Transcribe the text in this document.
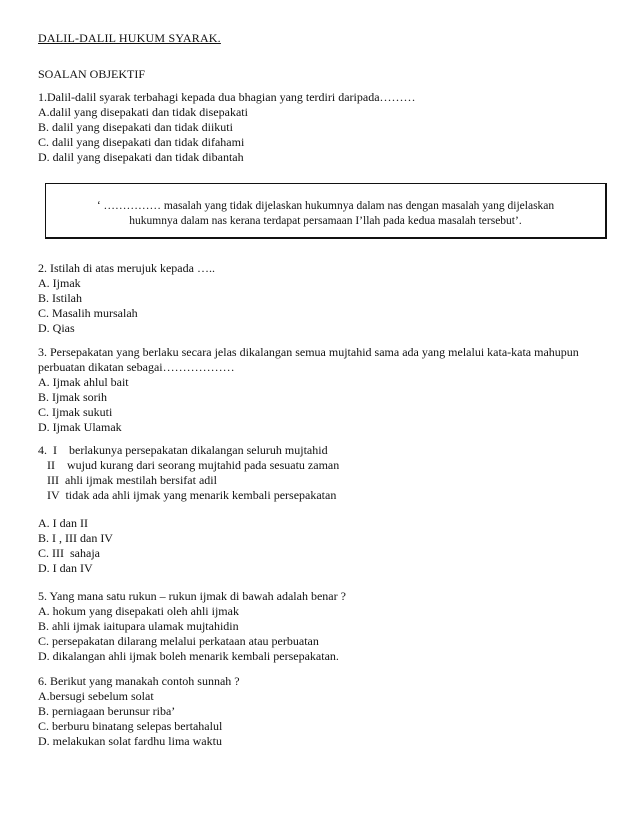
DALIL-DALIL HUKUM SYARAK.
SOALAN OBJEKTIF

1.Dalil-dalil syarak terbahagi kepada dua bhagian yang terdiri daripada………

A.dalil yang disepakati dan tidak disepakati

B. dalil yang disepakati dan tidak diikuti

C. dalil yang disepakati dan tidak difahami

D. dalil yang disepakati dan tidak dibantah

‘ …………… masalah yang tidak dijelaskan hukumnya dalam nas dengan masalah yang dijelaskan

hukumnya dalam nas kerana terdapat persamaan I’llah pada kedua masalah tersebut’.

2. Istilah di atas merujuk kepada …..

A. Ijmak

B. Istilah

C. Masalih mursalah

D. Qias

3. Persepakatan yang berlaku secara jelas dikalangan semua mujtahid sama ada yang melalui kata-kata mahupun perbuatan dikatan sebagai………………

A. Ijmak ahlul bait

B. Ijmak sorih

C. Ijmak sukuti

D. Ijmak Ulamak

4.  I    berlakunya persepakatan dikalangan seluruh mujtahid

II    wujud kurang dari seorang mujtahid pada sesuatu zaman

III  ahli ijmak mestilah bersifat adil

IV  tidak ada ahli ijmak yang menarik kembali persepakatan

A. I dan II

B. I , III dan IV

C. III  sahaja

D. I dan IV

5. Yang mana satu rukun – rukun ijmak di bawah adalah benar ?

A. hokum yang disepakati oleh ahli ijmak

B. ahli ijmak iaitupara ulamak mujtahidin

C. persepakatan dilarang melalui perkataan atau perbuatan

D. dikalangan ahli ijmak boleh menarik kembali persepakatan.

6. Berikut yang manakah contoh sunnah ?

A.bersugi sebelum solat

B. perniagaan berunsur riba’

C. berburu binatang selepas bertahalul

D. melakukan solat fardhu lima waktu
